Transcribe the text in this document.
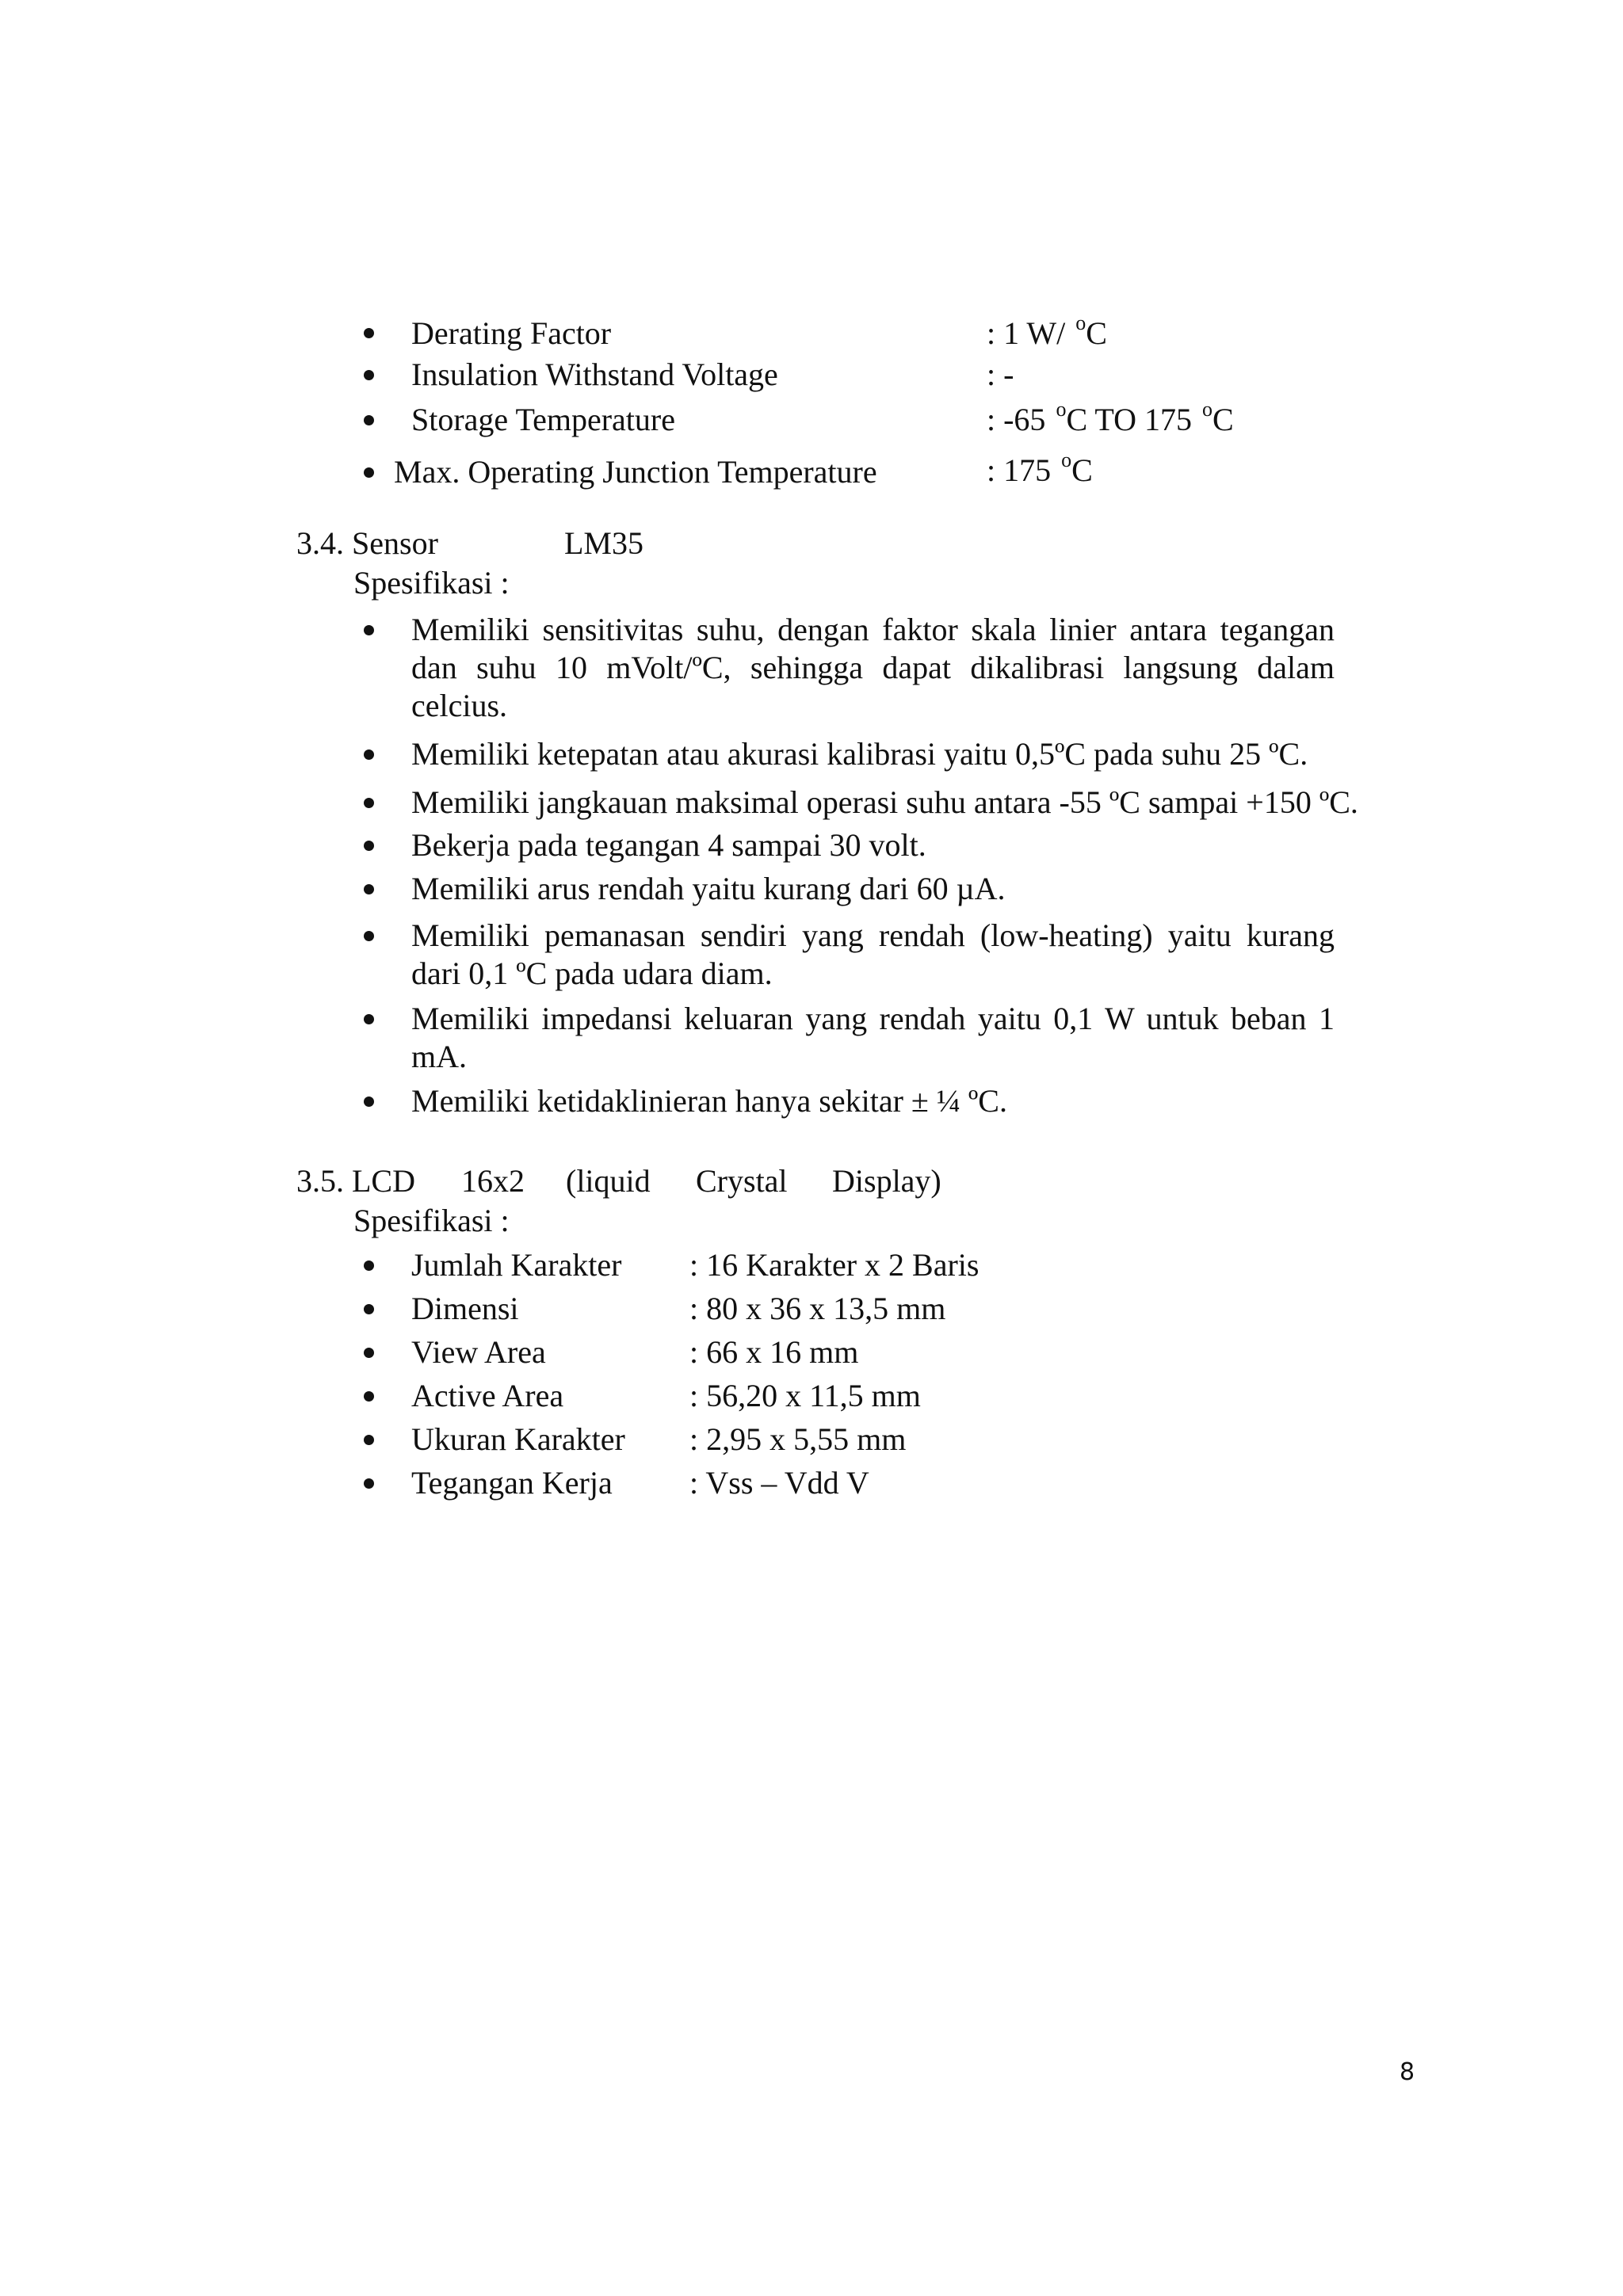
Derating Factor	: 1 W/ $^o$C
Insulation Withstand Voltage	: -
Storage Temperature	: -65 $^o$C TO 175 $^o$C
Max. Operating Junction Temperature	: 175 $^o$C
3.4. Sensor	LM35
Spesifikasi :
Memiliki sensitivitas suhu, dengan faktor skala linier antara tegangan
dan suhu 10 mVolt/ºC, sehingga dapat dikalibrasi langsung dalam
celcius.
Memiliki ketepatan atau akurasi kalibrasi yaitu 0,5ºC pada suhu 25 ºC.
Memiliki jangkauan maksimal operasi suhu antara -55 ºC sampai +150 ºC.
Bekerja pada tegangan 4 sampai 30 volt.
Memiliki arus rendah yaitu kurang dari 60 µA.
Memiliki pemanasan sendiri yang rendah (low-heating) yaitu kurang
dari 0,1 ºC pada udara diam.
Memiliki impedansi keluaran yang rendah yaitu 0,1 W untuk beban 1
mA.
Memiliki ketidaklinieran hanya sekitar ± ¼ ºC.
3.5. LCD 16x2 (liquid Crystal Display)
Spesifikasi :
Jumlah Karakter : 16 Karakter x 2 Baris
Dimensi	: 80 x 36 x 13,5 mm
View Area	: 66 x 16 mm
Active Area	: 56,20 x 11,5 mm
Ukuran Karakter : 2,95 x 5,55 mm
Tegangan Kerja : Vss – Vdd V
8
